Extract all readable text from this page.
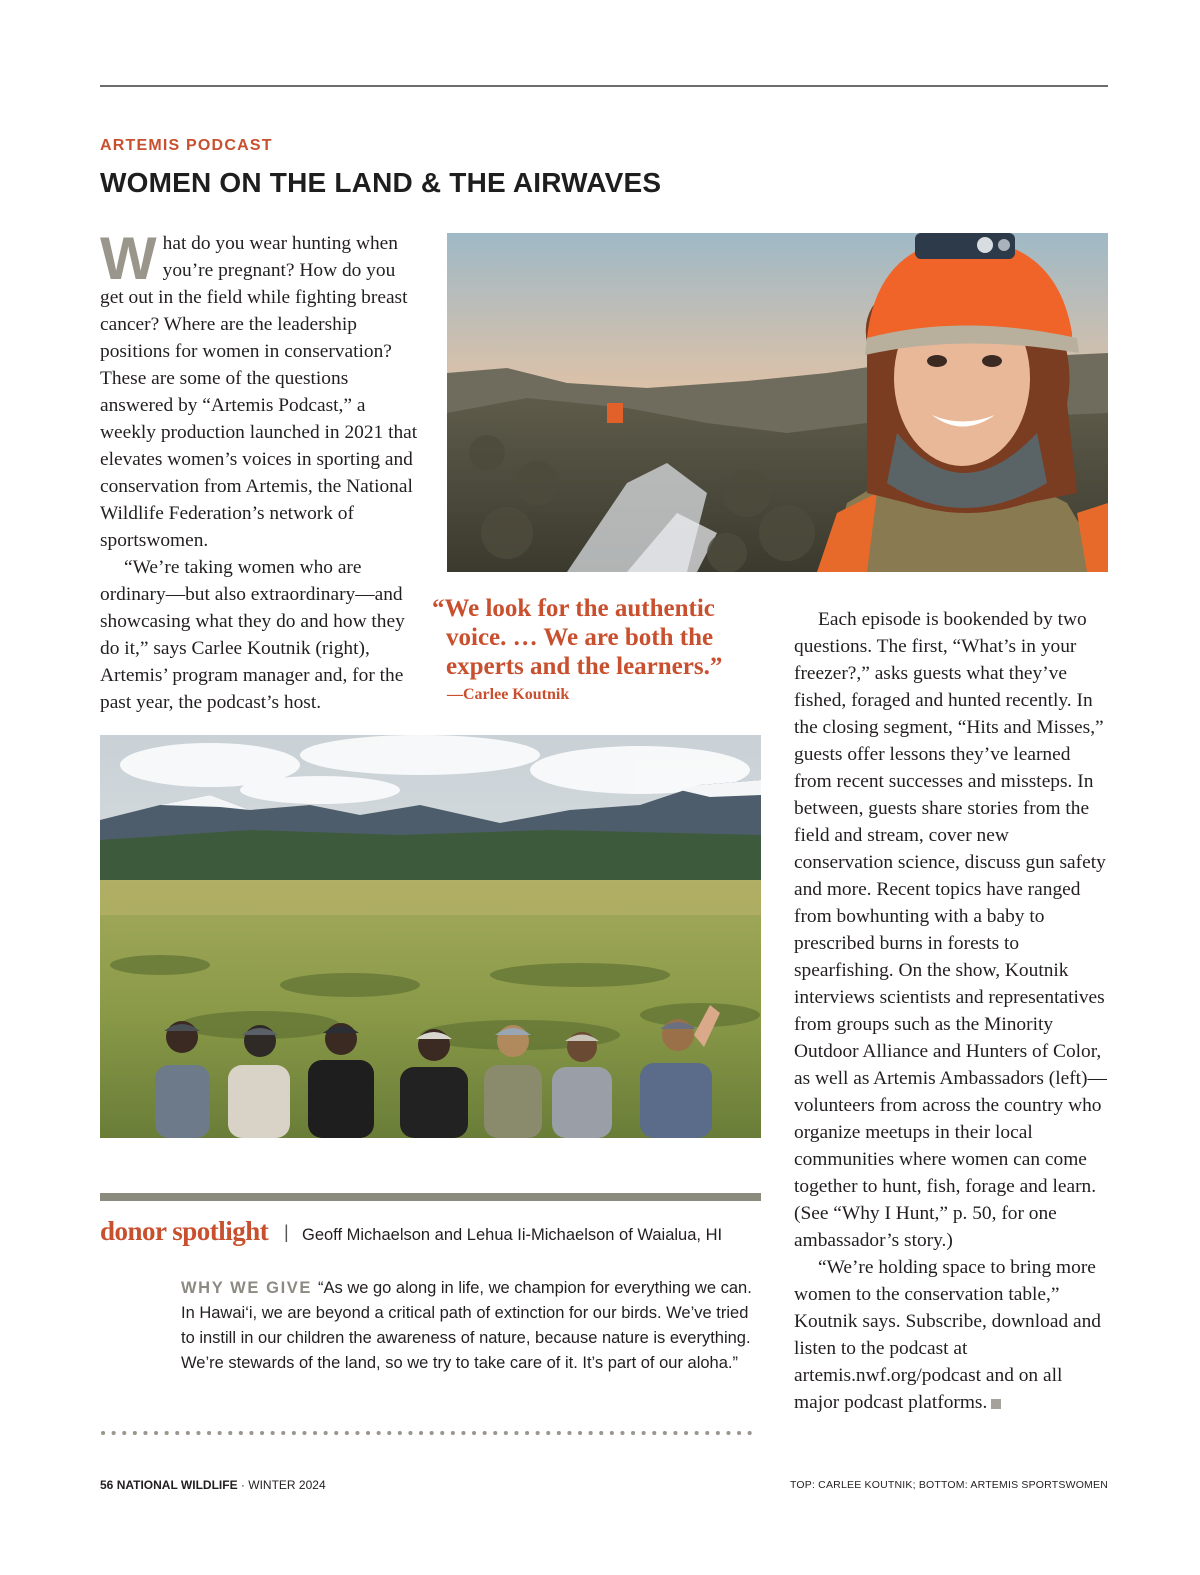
ARTEMIS PODCAST
WOMEN ON THE LAND & THE AIRWAVES

What do you wear hunting when you’re pregnant? How do you get out in the field while fighting breast cancer? Where are the leadership positions for women in conservation? These are some of the questions answered by “Artemis Podcast,” a weekly production launched in 2021 that elevates women’s voices in sporting and conservation from Artemis, the National Wildlife Federation’s network of sportswomen.

“We’re taking women who are ordinary—but also extraordinary—and showcasing what they do and how they do it,” says Carlee Koutnik (right), Artemis’ program manager and, for the past year, the podcast’s host.

“We look for the authentic voice. … We are both the experts and the learners.”
—Carlee Koutnik

Each episode is bookended by two questions. The first, “What’s in your freezer?,” asks guests what they’ve fished, foraged and hunted recently. In the closing segment, “Hits and Misses,” guests offer lessons they’ve learned from recent successes and missteps. In between, guests share stories from the field and stream, cover new conservation science, discuss gun safety and more. Recent topics have ranged from bowhunting with a baby to prescribed burns in forests to spearfishing. On the show, Koutnik interviews scientists and representatives from groups such as the Minority Outdoor Alliance and Hunters of Color, as well as Artemis Ambassadors (left)—volunteers from across the country who organize meetups in their local communities where women can come together to hunt, fish, forage and learn. (See “Why I Hunt,” p. 50, for one ambassador’s story.)

“We’re holding space to bring more women to the conservation table,” Koutnik says. Subscribe, download and listen to the podcast at artemis.nwf.org/podcast and on all major podcast platforms.

donor spotlight | Geoff Michaelson and Lehua Ii-Michaelson of Waialua, HI

WHY WE GIVE “As we go along in life, we champion for everything we can. In Hawai‘i, we are beyond a critical path of extinction for our birds. We’ve tried to instill in our children the awareness of nature, because nature is everything. We’re stewards of the land, so we try to take care of it. It’s part of our aloha.”

56 NATIONAL WILDLIFE · WINTER 2024	TOP: CARLEE KOUTNIK; BOTTOM: ARTEMIS SPORTSWOMEN
